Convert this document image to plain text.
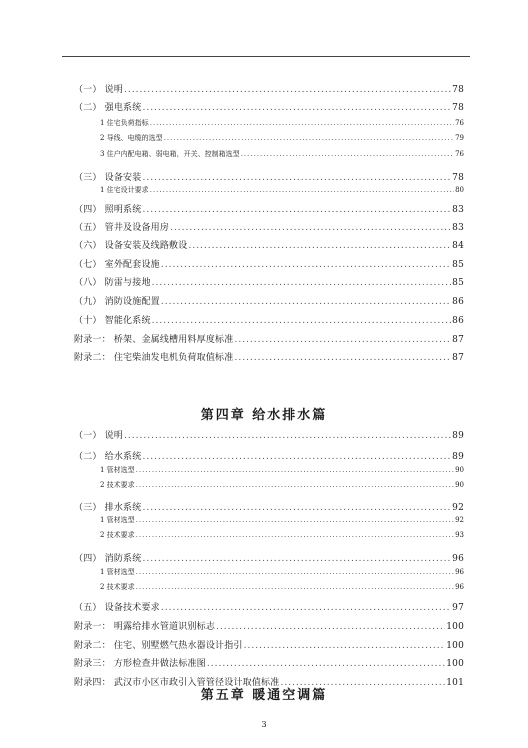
第四章 给水排水篇
第五章 暖通空调篇
（一） 说明 .....	78
（二） 强电系统 .....	78
1 住宅负荷指标 .....	76
2 导线、电缆的选型 .....	79
3 住户内配电箱、弱电箱，开关、控制箱选型 .....	76
（三） 设备安装 .....	78
1 住宅设计要求 .....	80
（四） 照明系统 .....	83
（五） 管井及设备用房 .....	83
（六） 设备安装及线路敷设 .....	84
（七） 室外配套设施 .....	85
（八） 防雷与接地 .....	85
（九） 消防设施配置 .....	86
（十） 智能化系统 .....	86
附录一： 桥架、金属线槽用料厚度标准 .....	87
附录二： 住宅柴油发电机负荷取值标准 .....	87
（一） 说明 .....	89
（二） 给水系统 .....	89
1 管材选型 .....	90
2 技术要求 .....	90
（三） 排水系统 .....	92
1 管材选型 .....	92
2 技术要求 .....	93
（四） 消防系统 .....	96
1 管材选型 .....	96
2 技术要求 .....	96
（五） 设备技术要求 .....	97
附录一： 明露给排水管道识别标志 .....	100
附录二： 住宅、别墅燃气热水器设计指引 .....	100
附录三： 方形检查井做法标准图 .....	100
附录四： 武汉市小区市政引入管管径设计取值标准 .....	101
3
